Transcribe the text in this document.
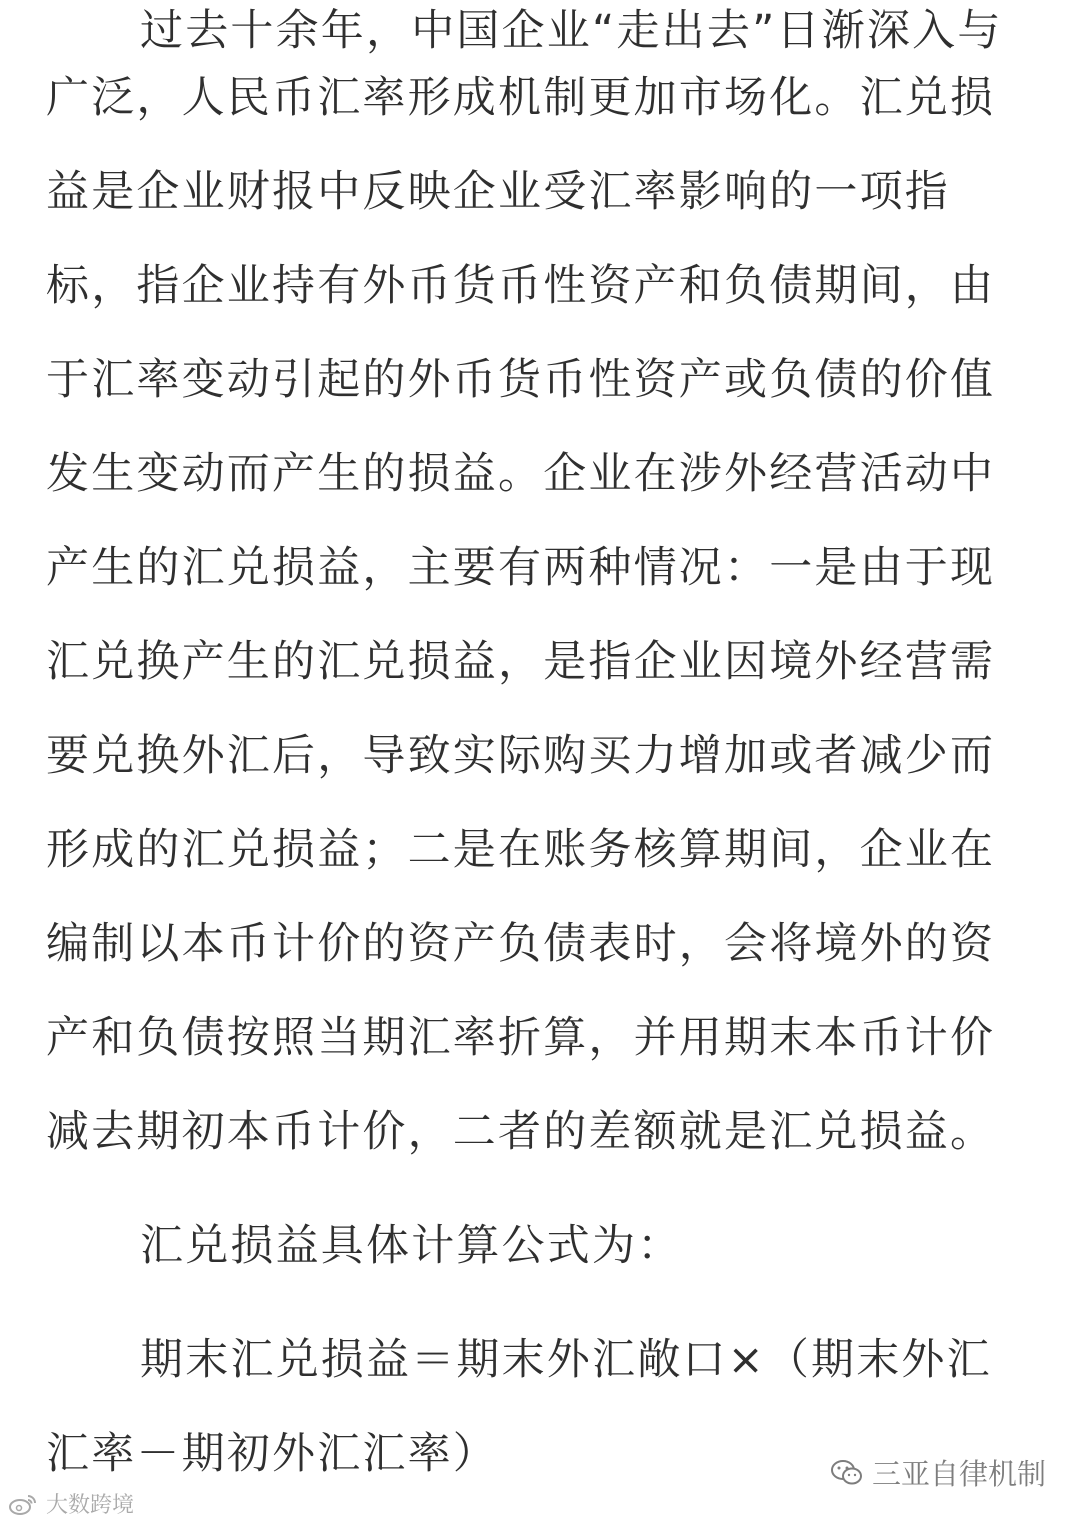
过去十余年，中国企业“走出去”日渐深入与
广泛，人民币汇率形成机制更加市场化。汇兑损
益是企业财报中反映企业受汇率影响的一项指
标，指企业持有外币货币性资产和负债期间，由
于汇率变动引起的外币货币性资产或负债的价值
发生变动而产生的损益。企业在涉外经营活动中
产生的汇兑损益，主要有两种情况：一是由于现
汇兑换产生的汇兑损益，是指企业因境外经营需
要兑换外汇后，导致实际购买力增加或者减少而
形成的汇兑损益；二是在账务核算期间，企业在
编制以本币计价的资产负债表时，会将境外的资
产和负债按照当期汇率折算，并用期末本币计价
减去期初本币计价，二者的差额就是汇兑损益。
汇兑损益具体计算公式为：
期末汇兑损益＝期末外汇敞口×（期末外汇
汇率－期初外汇汇率）	三亚自律机制
大数跨境
